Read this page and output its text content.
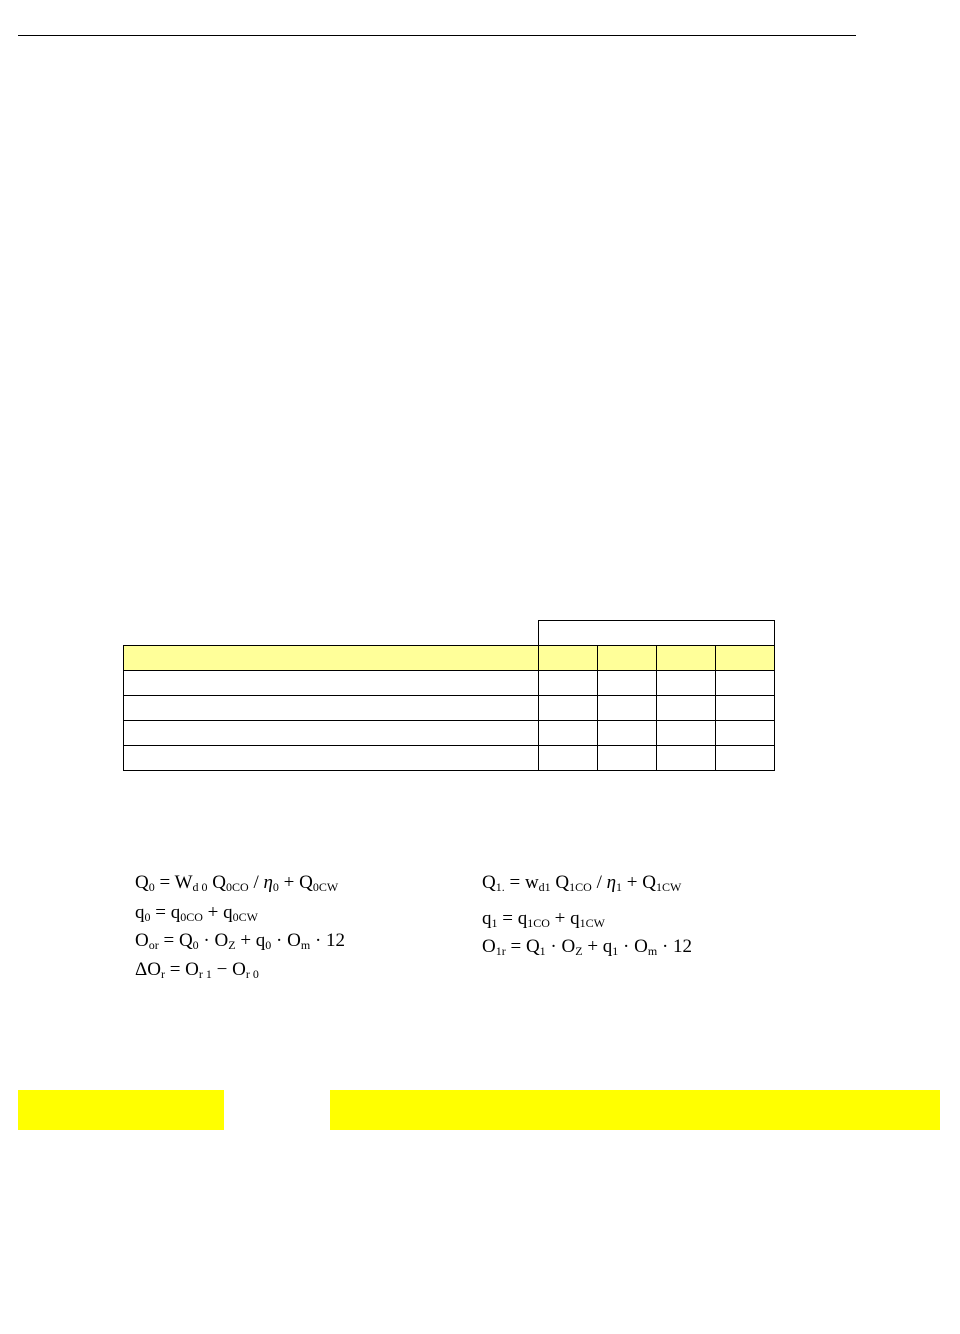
$Q_0 = W_{d 0}$ $Q_{0CO} / \eta_0 + Q_{0CW}$
$q_0 = q_{0CO} + q_{0CW}$
$O_{or} = Q_0 \cdot O_Z + q_0 \cdot O_m \cdot 12$
$\Delta O_r = O_{r 1} - O_{r 0}$
$Q_{1.} = w_{d1}$ $Q_{1CO} / \eta_1 + Q_{1CW}$
$q_1 = q_{1CO} + q_{1CW}$
$O_{1r} = Q_1 \cdot O_Z + q_1 \cdot O_m \cdot 12$
